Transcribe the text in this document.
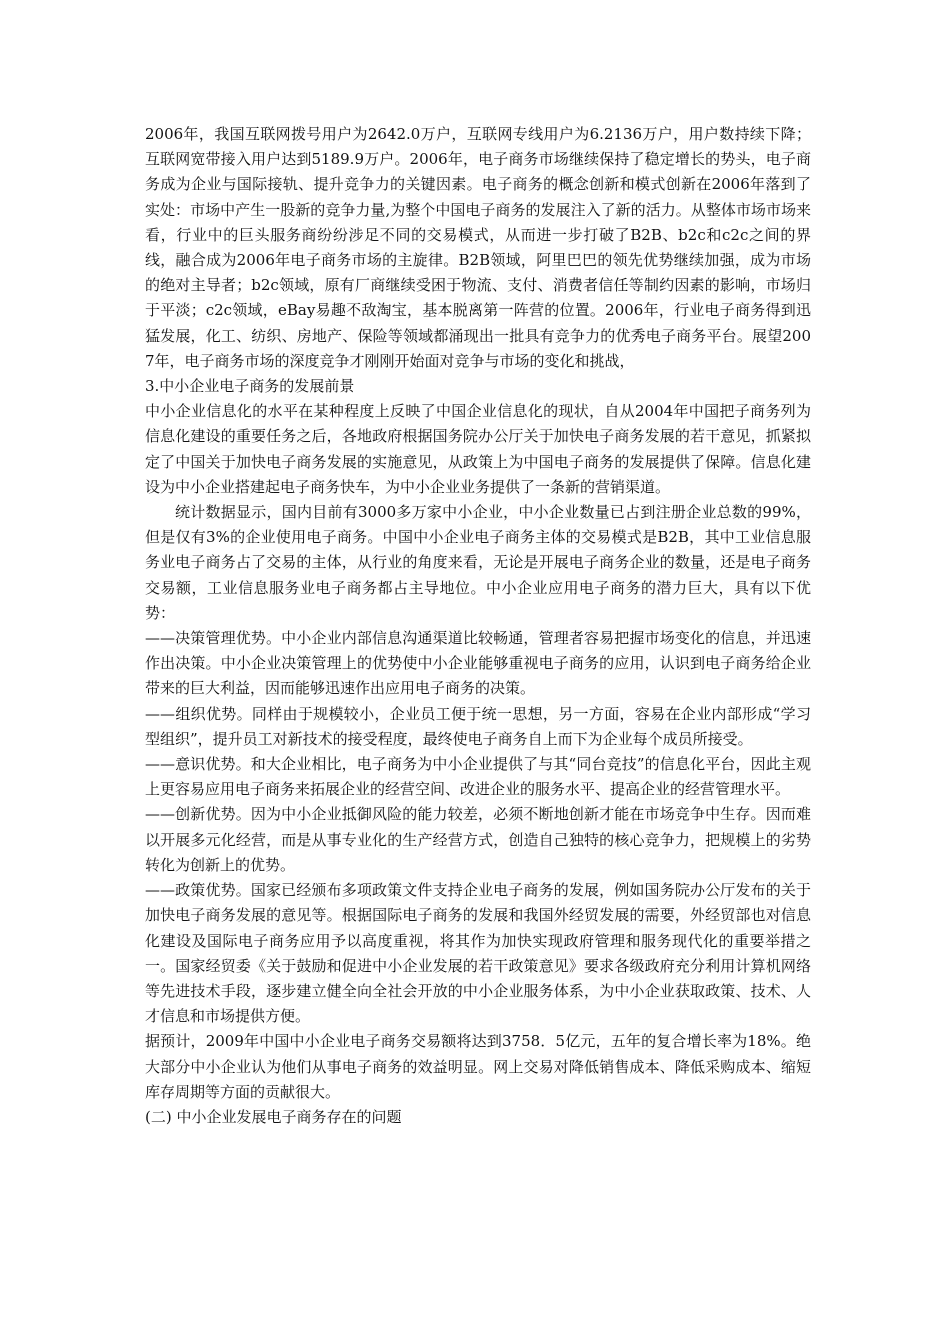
2006年，我国互联网拨号用户为2642.0万户，互联网专线用户为6.2136万户，用户数持续下降；互联网宽带接入用户达到5189.9万户。2006年，电子商务市场继续保持了稳定增长的势头，电子商务成为企业与国际接轨、提升竞争力的关键因素。电子商务的概念创新和模式创新在2006年落到了实处：市场中产生一股新的竞争力量,为整个中国电子商务的发展注入了新的活力。从整体市场市场来看，行业中的巨头服务商纷纷涉足不同的交易模式，从而进一步打破了B2B、b2c和c2c之间的界线，融合成为2006年电子商务市场的主旋律。B2B领域，阿里巴巴的领先优势继续加强，成为市场的绝对主导者；b2c领域，原有厂商继续受困于物流、支付、消费者信任等制约因素的影响，市场归于平淡；c2c领域，eBay易趣不敌淘宝，基本脱离第一阵营的位置。2006年，行业电子商务得到迅猛发展，化工、纺织、房地产、保险等领域都涌现出一批具有竞争力的优秀电子商务平台。展望2007年，电子商务市场的深度竞争才刚刚开始面对竞争与市场的变化和挑战，

3.中小企业电子商务的发展前景

中小企业信息化的水平在某种程度上反映了中国企业信息化的现状，自从2004年中国把子商务列为信息化建设的重要任务之后，各地政府根据国务院办公厅关于加快电子商务发展的若干意见，抓紧拟定了中国关于加快电子商务发展的实施意见，从政策上为中国电子商务的发展提供了保障。信息化建设为中小企业搭建起电子商务快车，为中小企业业务提供了一条新的营销渠道。

统计数据显示，国内目前有3000多万家中小企业，中小企业数量已占到注册企业总数的99%，但是仅有3%的企业使用电子商务。中国中小企业电子商务主体的交易模式是B2B，其中工业信息服务业电子商务占了交易的主体，从行业的角度来看，无论是开展电子商务企业的数量，还是电子商务交易额，工业信息服务业电子商务都占主导地位。中小企业应用电子商务的潜力巨大，具有以下优势：

——决策管理优势。中小企业内部信息沟通渠道比较畅通，管理者容易把握市场变化的信息，并迅速作出决策。中小企业决策管理上的优势使中小企业能够重视电子商务的应用，认识到电子商务给企业带来的巨大利益，因而能够迅速作出应用电子商务的决策。

——组织优势。同样由于规模较小，企业员工便于统一思想，另一方面，容易在企业内部形成“学习型组织”，提升员工对新技术的接受程度，最终使电子商务自上而下为企业每个成员所接受。

——意识优势。和大企业相比，电子商务为中小企业提供了与其“同台竞技”的信息化平台，因此主观上更容易应用电子商务来拓展企业的经营空间、改进企业的服务水平、提高企业的经营管理水平。

——创新优势。因为中小企业抵御风险的能力较差，必须不断地创新才能在市场竞争中生存。因而难以开展多元化经营，而是从事专业化的生产经营方式，创造自己独特的核心竞争力，把规模上的劣势转化为创新上的优势。

——政策优势。国家已经颁布多项政策文件支持企业电子商务的发展，例如国务院办公厅发布的关于加快电子商务发展的意见等。根据国际电子商务的发展和我国外经贸发展的需要，外经贸部也对信息化建设及国际电子商务应用予以高度重视，将其作为加快实现政府管理和服务现代化的重要举措之一。国家经贸委《关于鼓励和促进中小企业发展的若干政策意见》要求各级政府充分利用计算机网络等先进技术手段，逐步建立健全向全社会开放的中小企业服务体系，为中小企业获取政策、技术、人才信息和市场提供方便。

据预计，2009年中国中小企业电子商务交易额将达到3758．5亿元，五年的复合增长率为18%。绝大部分中小企业认为他们从事电子商务的效益明显。网上交易对降低销售成本、降低采购成本、缩短库存周期等方面的贡献很大。

(二) 中小企业发展电子商务存在的问题
